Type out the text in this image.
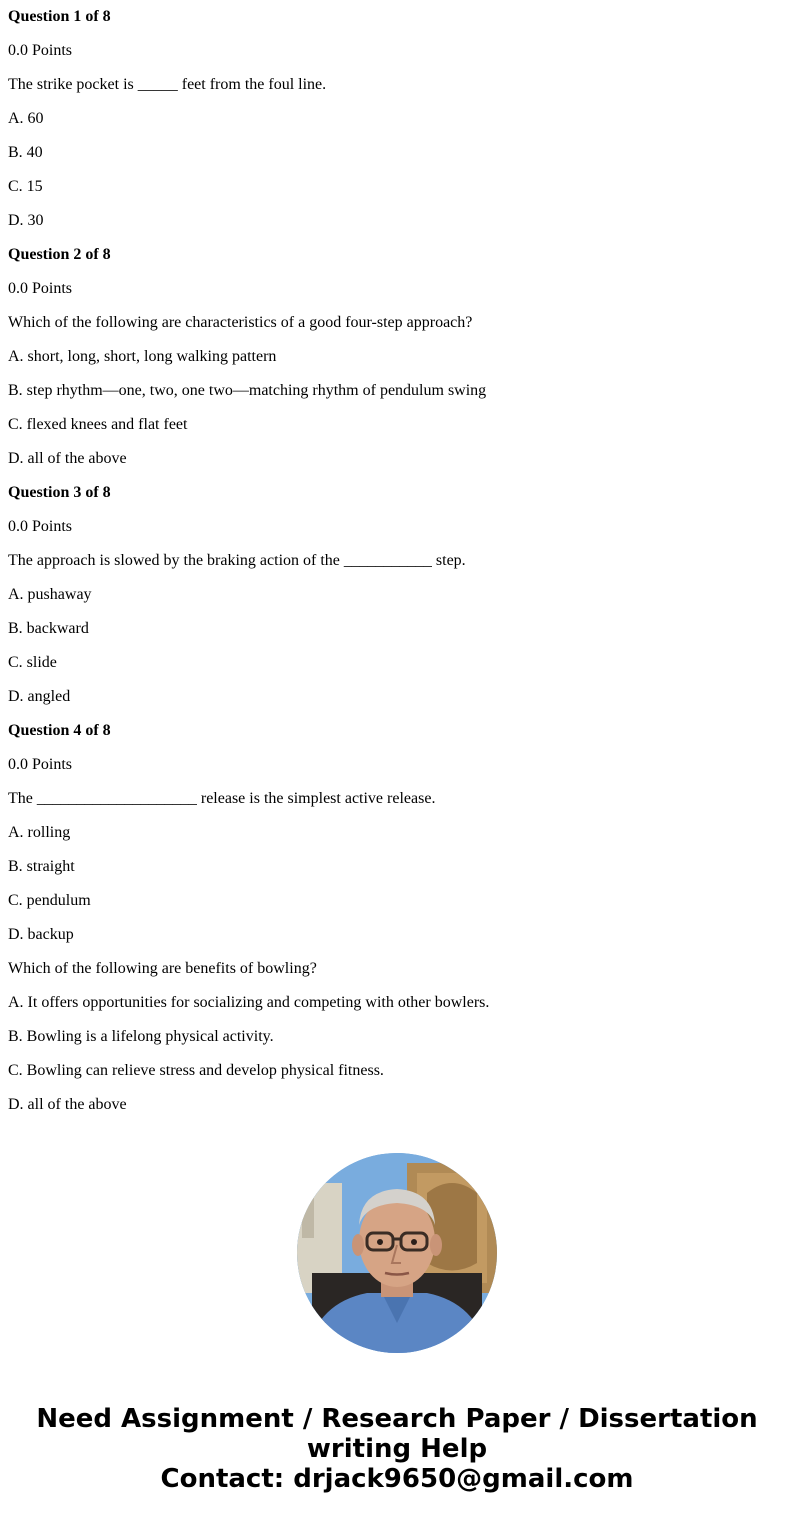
Question 1 of 8
0.0 Points
The strike pocket is _____ feet from the foul line.
A. 60
B. 40
C. 15
D. 30
Question 2 of 8
0.0 Points
Which of the following are characteristics of a good four-step approach?
A. short, long, short, long walking pattern
B. step rhythm—one, two, one two—matching rhythm of pendulum swing
C. flexed knees and flat feet
D. all of the above
Question 3 of 8
0.0 Points
The approach is slowed by the braking action of the ___________ step.
A. pushaway
B. backward
C. slide
D. angled
Question 4 of 8
0.0 Points
The ____________________ release is the simplest active release.
A. rolling
B. straight
C. pendulum
D. backup
Which of the following are benefits of bowling?
A. It offers opportunities for socializing and competing with other bowlers.
B. Bowling is a lifelong physical activity.
C. Bowling can relieve stress and develop physical fitness.
D. all of the above
Need Assignment / Research Paper / Dissertation
writing Help
Contact: drjack9650@gmail.com
